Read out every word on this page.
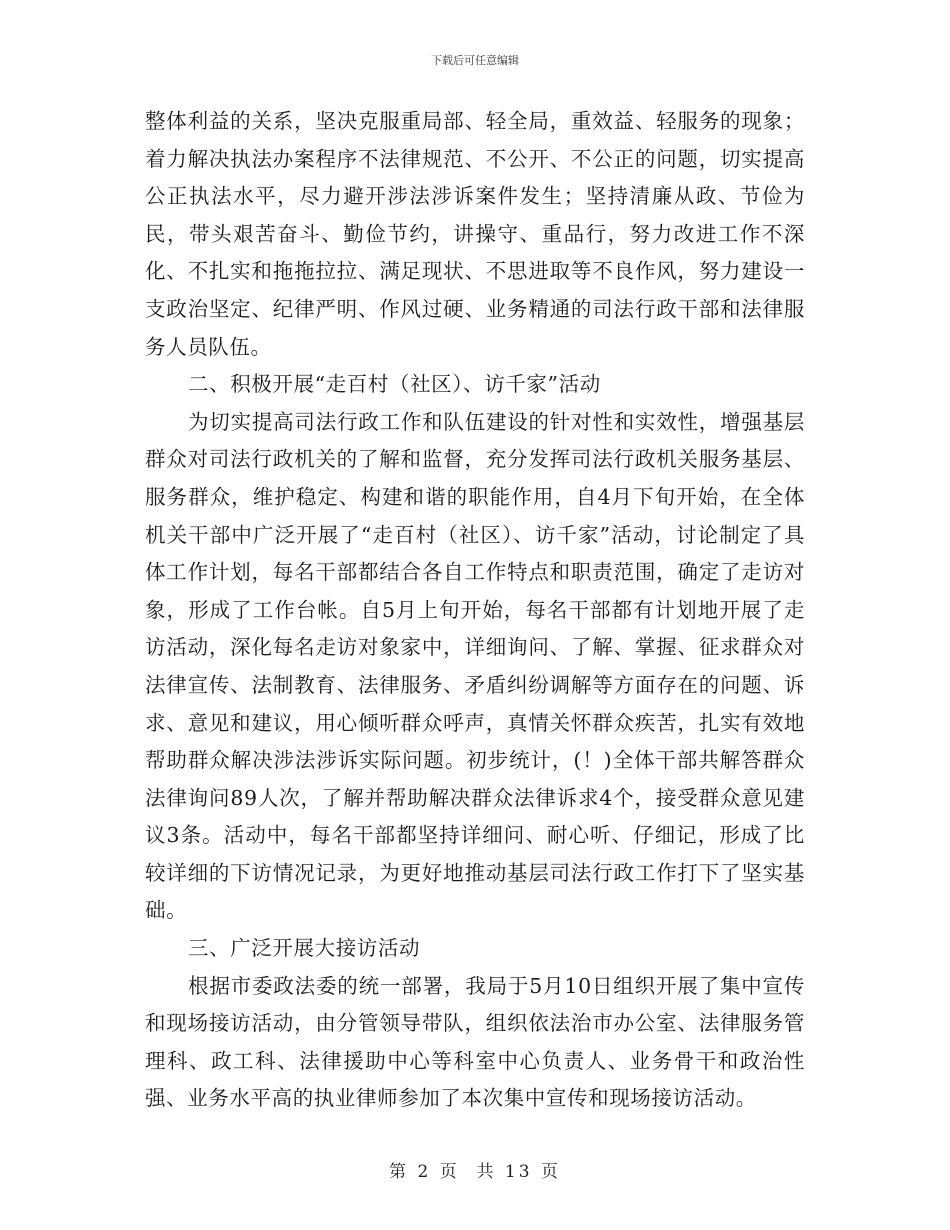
下载后可任意编辑

整体利益的关系，坚决克服重局部、轻全局，重效益、轻服务的现象；着力解决执法办案程序不法律规范、不公开、不公正的问题，切实提高公正执法水平，尽力避开涉法涉诉案件发生；坚持清廉从政、节俭为民，带头艰苦奋斗、勤俭节约，讲操守、重品行，努力改进工作不深化、不扎实和拖拖拉拉、满足现状、不思进取等不良作风，努力建设一支政治坚定、纪律严明、作风过硬、业务精通的司法行政干部和法律服务人员队伍。

二、积极开展“走百村（社区）、访千家”活动

为切实提高司法行政工作和队伍建设的针对性和实效性，增强基层群众对司法行政机关的了解和监督，充分发挥司法行政机关服务基层、服务群众，维护稳定、构建和谐的职能作用，自4月下旬开始，在全体机关干部中广泛开展了“走百村（社区）、访千家”活动，讨论制定了具体工作计划，每名干部都结合各自工作特点和职责范围，确定了走访对象，形成了工作台帐。自5月上旬开始，每名干部都有计划地开展了走访活动，深化每名走访对象家中，详细询问、了解、掌握、征求群众对法律宣传、法制教育、法律服务、矛盾纠纷调解等方面存在的问题、诉求、意见和建议，用心倾听群众呼声，真情关怀群众疾苦，扎实有效地帮助群众解决涉法涉诉实际问题。初步统计，(！)全体干部共解答群众法律询问89人次，了解并帮助解决群众法律诉求4个，接受群众意见建议3条。活动中，每名干部都坚持详细问、耐心听、仔细记，形成了比较详细的下访情况记录，为更好地推动基层司法行政工作打下了坚实基础。

三、广泛开展大接访活动

根据市委政法委的统一部署，我局于5月10日组织开展了集中宣传和现场接访活动，由分管领导带队，组织依法治市办公室、法律服务管理科、政工科、法律援助中心等科室中心负责人、业务骨干和政治性强、业务水平高的执业律师参加了本次集中宣传和现场接访活动。

第 2 页  共 13 页
